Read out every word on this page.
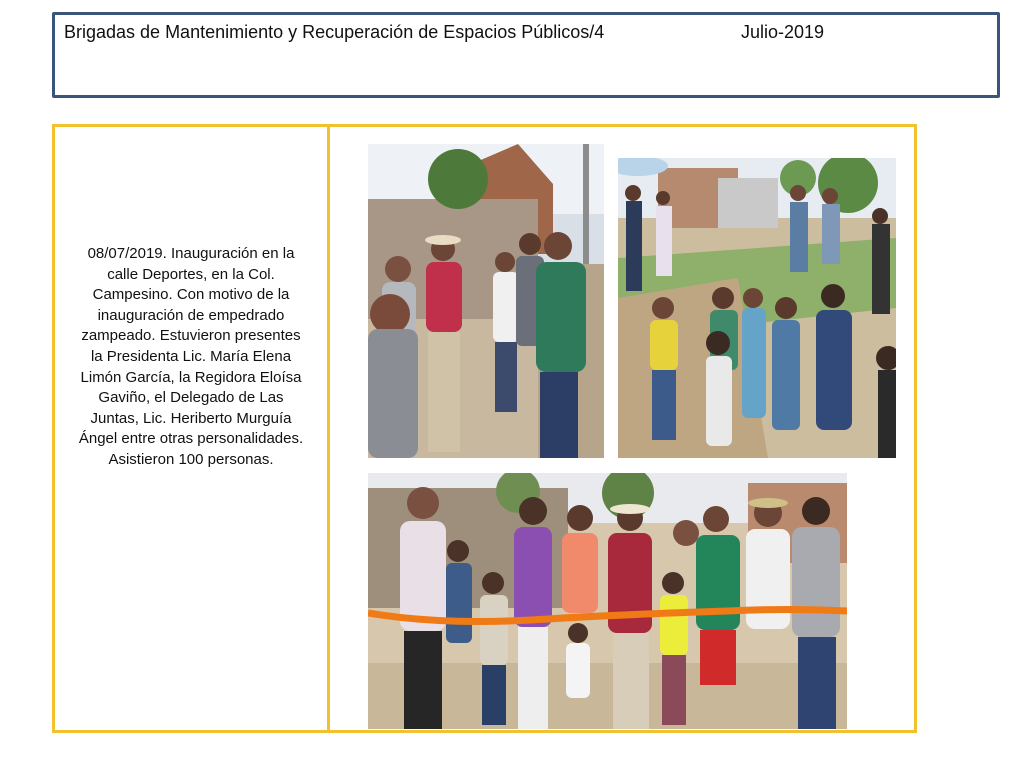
Brigadas de Mantenimiento y Recuperación de Espacios Públicos/4	Julio-2019
08/07/2019. Inauguración en la calle Deportes, en la Col. Campesino. Con motivo de la inauguración de empedrado zampeado. Estuvieron presentes la Presidenta Lic. María Elena Limón García, la Regidora Eloísa Gaviño, el Delegado de Las Juntas, Lic. Heriberto Murguía Ángel entre otras personalidades. Asistieron 100 personas.
